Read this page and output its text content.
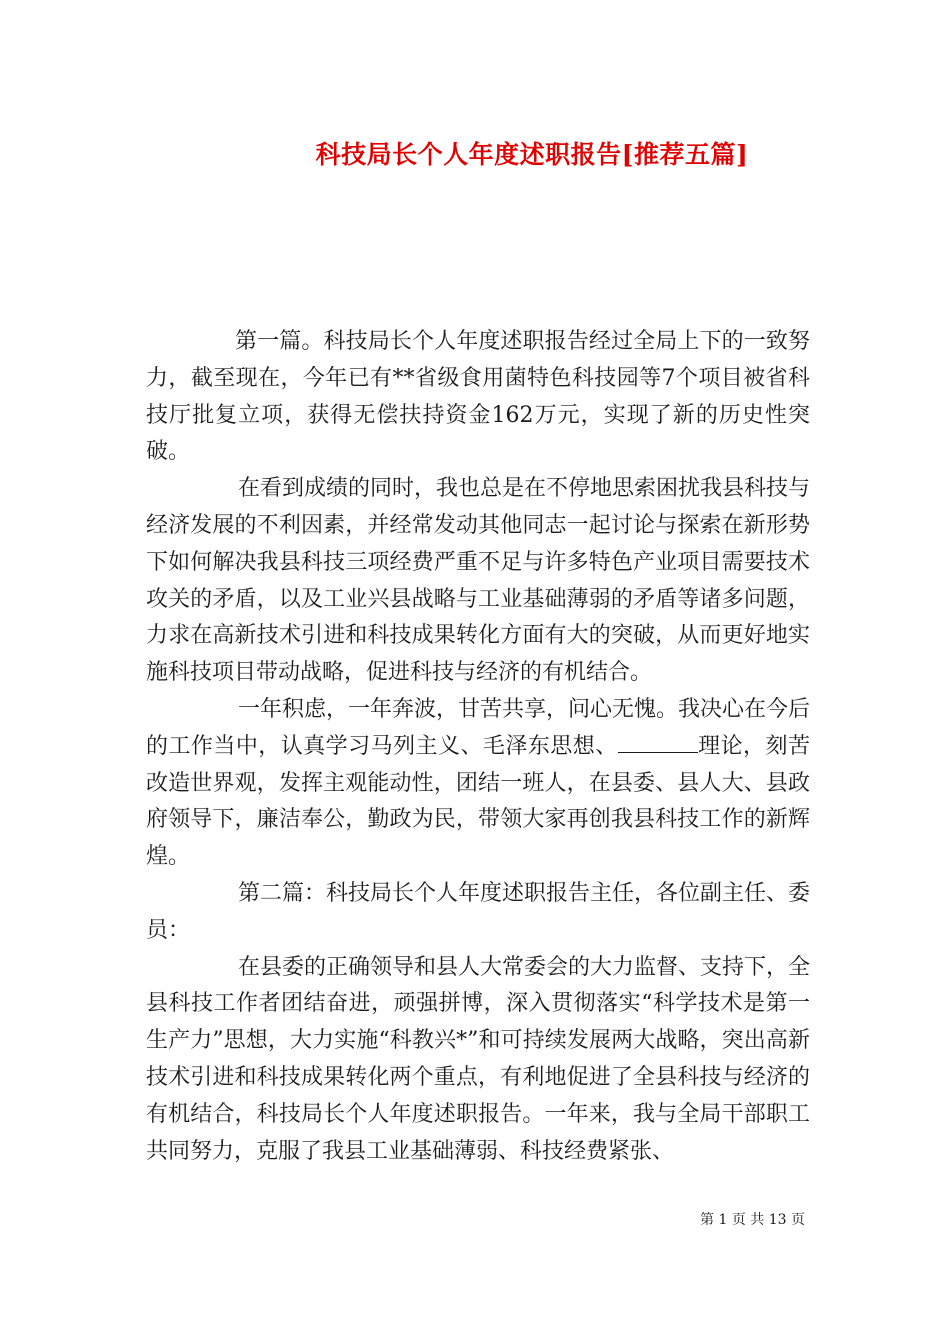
科技局长个人年度述职报告[推荐五篇]

第一篇。科技局长个人年度述职报告经过全局上下的一致努力，截至现在，今年已有**省级食用菌特色科技园等7个项目被省科技厅批复立项，获得无偿扶持资金162万元，实现了新的历史性突破。

在看到成绩的同时，我也总是在不停地思索困扰我县科技与经济发展的不利因素，并经常发动其他同志一起讨论与探索在新形势下如何解决我县科技三项经费严重不足与许多特色产业项目需要技术攻关的矛盾，以及工业兴县战略与工业基础薄弱的矛盾等诸多问题，力求在高新技术引进和科技成果转化方面有大的突破，从而更好地实施科技项目带动战略，促进科技与经济的有机结合。

一年积虑，一年奔波，甘苦共享，问心无愧。我决心在今后的工作当中，认真学习马列主义、毛泽东思想、	理论，刻苦改造世界观，发挥主观能动性，团结一班人，在县委、县人大、县政府领导下，廉洁奉公，勤政为民，带领大家再创我县科技工作的新辉煌。

第二篇：科技局长个人年度述职报告主任，各位副主任、委员：

在县委的正确领导和县人大常委会的大力监督、支持下，全县科技工作者团结奋进，顽强拼博，深入贯彻落实“科学技术是第一生产力”思想，大力实施“科教兴*”和可持续发展两大战略，突出高新技术引进和科技成果转化两个重点，有利地促进了全县科技与经济的有机结合，科技局长个人年度述职报告。一年来，我与全局干部职工共同努力，克服了我县工业基础薄弱、科技经费紧张、

第 1 页 共 13 页
